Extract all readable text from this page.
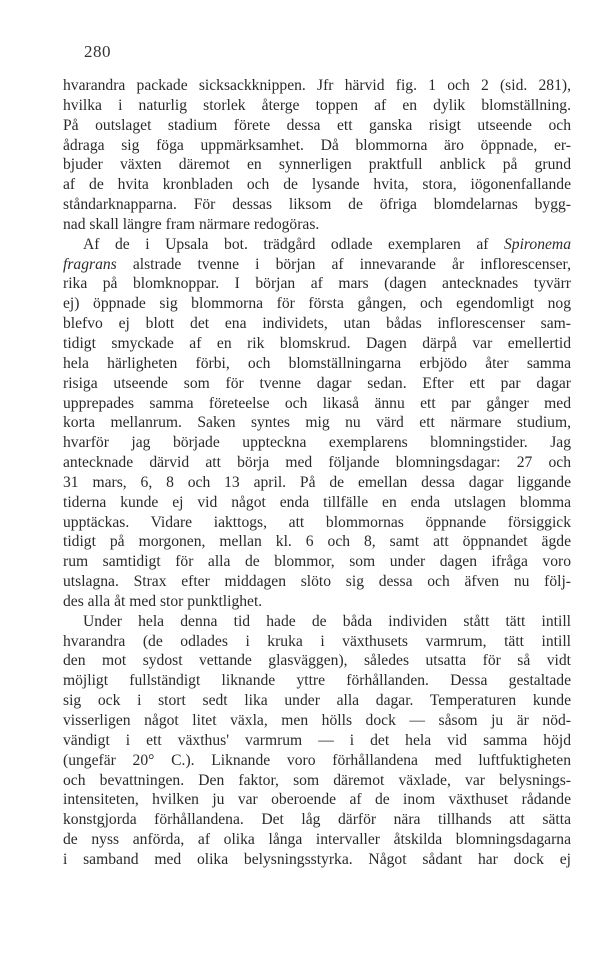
280
hvarandra packade sicksackknippen. Jfr härvid fig. 1 och 2 (sid. 281),
hvilka i naturlig storlek återge toppen af en dylik blomställning.
På outslaget stadium förete dessa ett ganska risigt utseende och
ådraga sig föga uppmärksamhet. Då blommorna äro öppnade, er-
bjuder växten däremot en synnerligen praktfull anblick på grund
af de hvita kronbladen och de lysande hvita, stora, iögonenfallande
ståndarknapparna. För dessas liksom de öfriga blomdelarnas bygg-
nad skall längre fram närmare redogöras.
Af de i Upsala bot. trädgård odlade exemplaren af Spironema
fragrans alstrade tvenne i början af innevarande år inflorescenser,
rika på blomknoppar. I början af mars (dagen antecknades tyvärr
ej) öppnade sig blommorna för första gången, och egendomligt nog
blefvo ej blott det ena individets, utan bådas inflorescenser sam-
tidigt smyckade af en rik blomskrud. Dagen därpå var emellertid
hela härligheten förbi, och blomställningarna erbjödo åter samma
risiga utseende som för tvenne dagar sedan. Efter ett par dagar
upprepades samma företeelse och likaså ännu ett par gånger med
korta mellanrum. Saken syntes mig nu värd ett närmare studium,
hvarför jag började uppteckna exemplarens blomningstider. Jag
antecknade därvid att börja med följande blomningsdagar: 27 och
31 mars, 6, 8 och 13 april. På de emellan dessa dagar liggande
tiderna kunde ej vid något enda tillfälle en enda utslagen blomma
upptäckas. Vidare iakttogs, att blommornas öppnande försiggick
tidigt på morgonen, mellan kl. 6 och 8, samt att öppnandet ägde
rum samtidigt för alla de blommor, som under dagen ifråga voro
utslagna. Strax efter middagen slöto sig dessa och äfven nu följ-
des alla åt med stor punktlighet.
Under hela denna tid hade de båda individen stått tätt intill
hvarandra (de odlades i kruka i växthusets varmrum, tätt intill
den mot sydost vettande glasväggen), således utsatta för så vidt
möjligt fullständigt liknande yttre förhållanden. Dessa gestaltade
sig ock i stort sedt lika under alla dagar. Temperaturen kunde
visserligen något litet växla, men hölls dock — såsom ju är nöd-
vändigt i ett växthus' varmrum — i det hela vid samma höjd
(ungefär 20° C.). Liknande voro förhållandena med luftfuktigheten
och bevattningen. Den faktor, som däremot växlade, var belysnings-
intensiteten, hvilken ju var oberoende af de inom växthuset rådande
konstgjorda förhållandena. Det låg därför nära tillhands att sätta
de nyss anförda, af olika långa intervaller åtskilda blomningsdagarna
i samband med olika belysningsstyrka. Något sådant har dock ej
